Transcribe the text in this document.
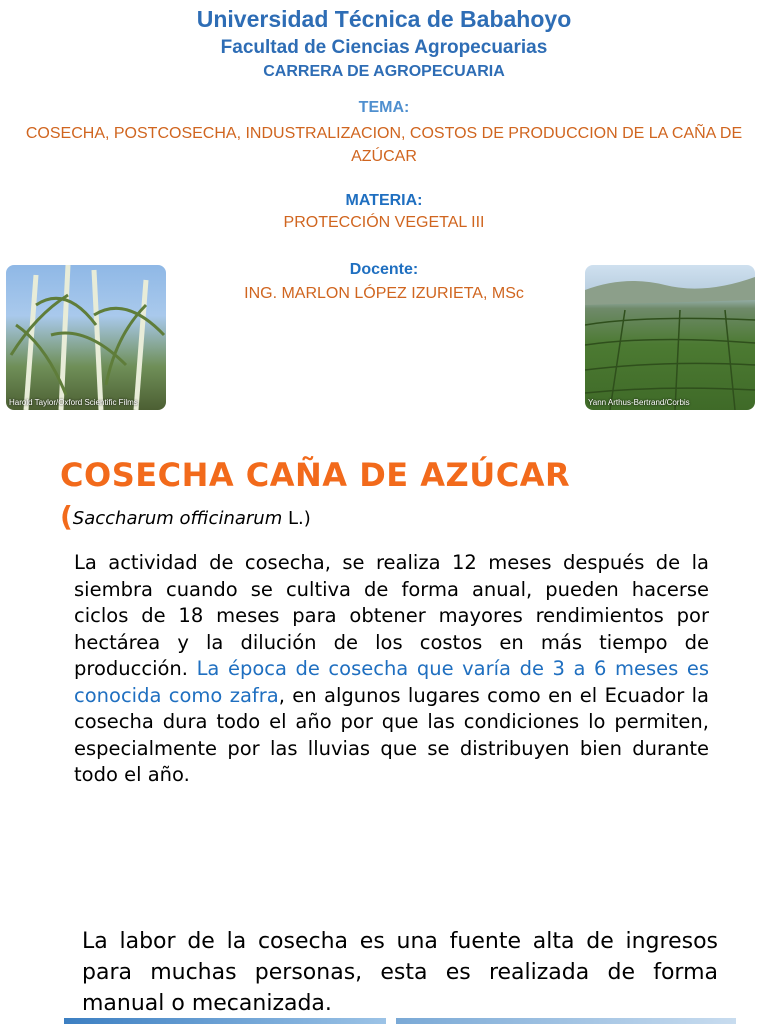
Universidad Técnica de Babahoyo
Facultad de Ciencias Agropecuarias
CARRERA DE AGROPECUARIA
TEMA:
COSECHA, POSTCOSECHA, INDUSTRALIZACION, COSTOS DE PRODUCCION DE LA CAÑA DE AZÚCAR
MATERIA:
PROTECCIÓN VEGETAL III
Docente:
ING. MARLON LÓPEZ IZURIETA, MSc
Harold Taylor/Oxford Scientific Films	Yann Arthus-Bertrand/Corbis
COSECHA CAÑA DE AZÚCAR
(Saccharum officinarum L.)
La actividad de cosecha, se realiza 12 meses después de la siembra cuando se cultiva de forma anual, pueden hacerse ciclos de 18 meses para obtener mayores rendimientos por hectárea y la dilución de los costos en más tiempo de producción. La época de cosecha que varía de 3 a 6 meses es conocida como zafra, en algunos lugares como en el Ecuador la cosecha dura todo el año por que las condiciones lo permiten, especialmente por las lluvias que se distribuyen bien durante todo el año.
La labor de la cosecha es una fuente alta de ingresos para muchas personas, esta es realizada de forma manual o mecanizada.
